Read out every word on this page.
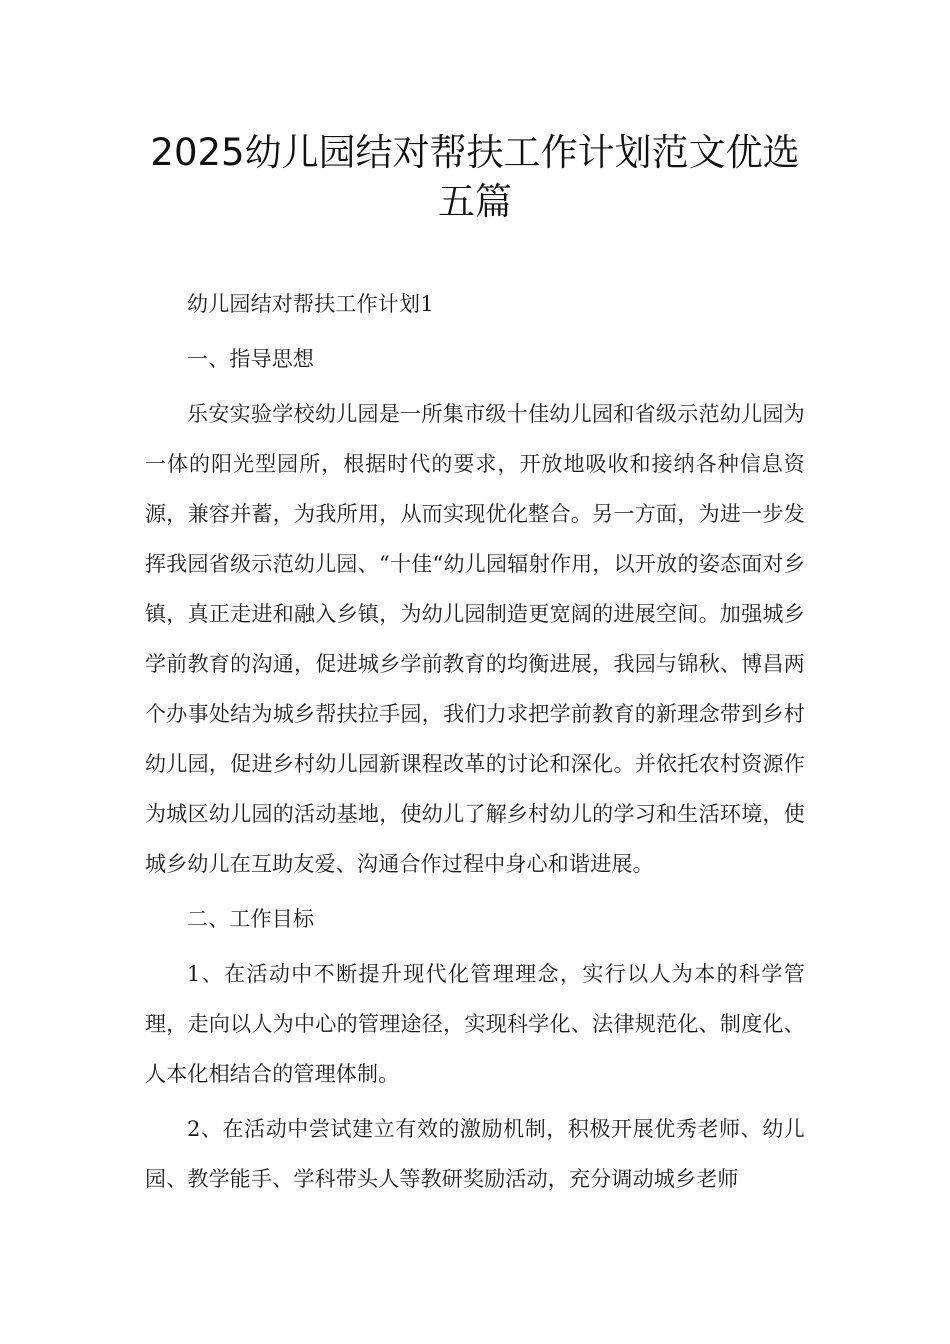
2025幼儿园结对帮扶工作计划范文优选五篇

幼儿园结对帮扶工作计划1

一、指导思想

乐安实验学校幼儿园是一所集市级十佳幼儿园和省级示范幼儿园为一体的阳光型园所，根据时代的要求，开放地吸收和接纳各种信息资源，兼容并蓄，为我所用，从而实现优化整合。另一方面，为进一步发挥我园省级示范幼儿园、“十佳“幼儿园辐射作用，以开放的姿态面对乡镇，真正走进和融入乡镇，为幼儿园制造更宽阔的进展空间。加强城乡学前教育的沟通，促进城乡学前教育的均衡进展，我园与锦秋、博昌两个办事处结为城乡帮扶拉手园，我们力求把学前教育的新理念带到乡村幼儿园，促进乡村幼儿园新课程改革的讨论和深化。并依托农村资源作为城区幼儿园的活动基地，使幼儿了解乡村幼儿的学习和生活环境，使城乡幼儿在互助友爱、沟通合作过程中身心和谐进展。

二、工作目标

1、在活动中不断提升现代化管理理念，实行以人为本的科学管理，走向以人为中心的管理途径，实现科学化、法律规范化、制度化、人本化相结合的管理体制。

2、在活动中尝试建立有效的激励机制，积极开展优秀老师、幼儿园、教学能手、学科带头人等教研奖励活动，充分调动城乡老师
